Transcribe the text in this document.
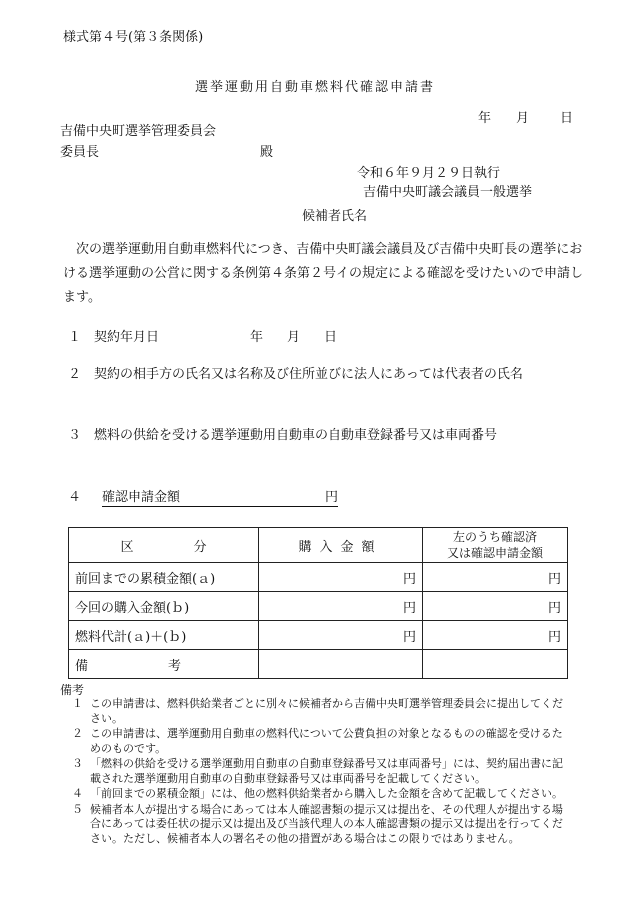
様式第４号(第３条関係)
選挙運動用自動車燃料代確認申請書
年 月 日
吉備中央町選挙管理委員会
委員長	殿
令和６年９月２９日執行
吉備中央町議会議員一般選挙
候補者氏名
次の選挙運動用自動車燃料代につき、吉備中央町議会議員及び吉備中央町長の選挙における選挙運動の公営に関する条例第４条第２号イの規定による確認を受けたいので申請します。
１　 契約年月日	年 月 日
２　 契約の相手方の氏名又は名称及び住所並びに法人にあっては代表者の氏名
３　 燃料の供給を受ける選挙運動用自動車の自動車登録番号又は車両番号
４　 確認申請金額	円
区 分	購入金額	左のうち確認済
又は確認申請金額

前回までの累積金額(ａ)	円	円
今回の購入金額(ｂ)	円	円
燃料代計(ａ)＋(ｂ)	円	円
備 考		
備考
１ この申請書は、燃料供給業者ごとに別々に候補者から吉備中央町選挙管理委員会に提出してください。
２ この申請書は、選挙運動用自動車の燃料代について公費負担の対象となるものの確認を受けるためのものです。
３ 「燃料の供給を受ける選挙運動用自動車の自動車登録番号又は車両番号」には、契約届出書に記載された選挙運動用自動車の自動車登録番号又は車両番号を記載してください。
４ 「前回までの累積金額」には、他の燃料供給業者から購入した金額を含めて記載してください。
５ 候補者本人が提出する場合にあっては本人確認書類の提示又は提出を、その代理人が提出する場合にあっては委任状の提示又は提出及び当該代理人の本人確認書類の提示又は提出を行ってください。ただし、候補者本人の署名その他の措置がある場合はこの限りではありません。
